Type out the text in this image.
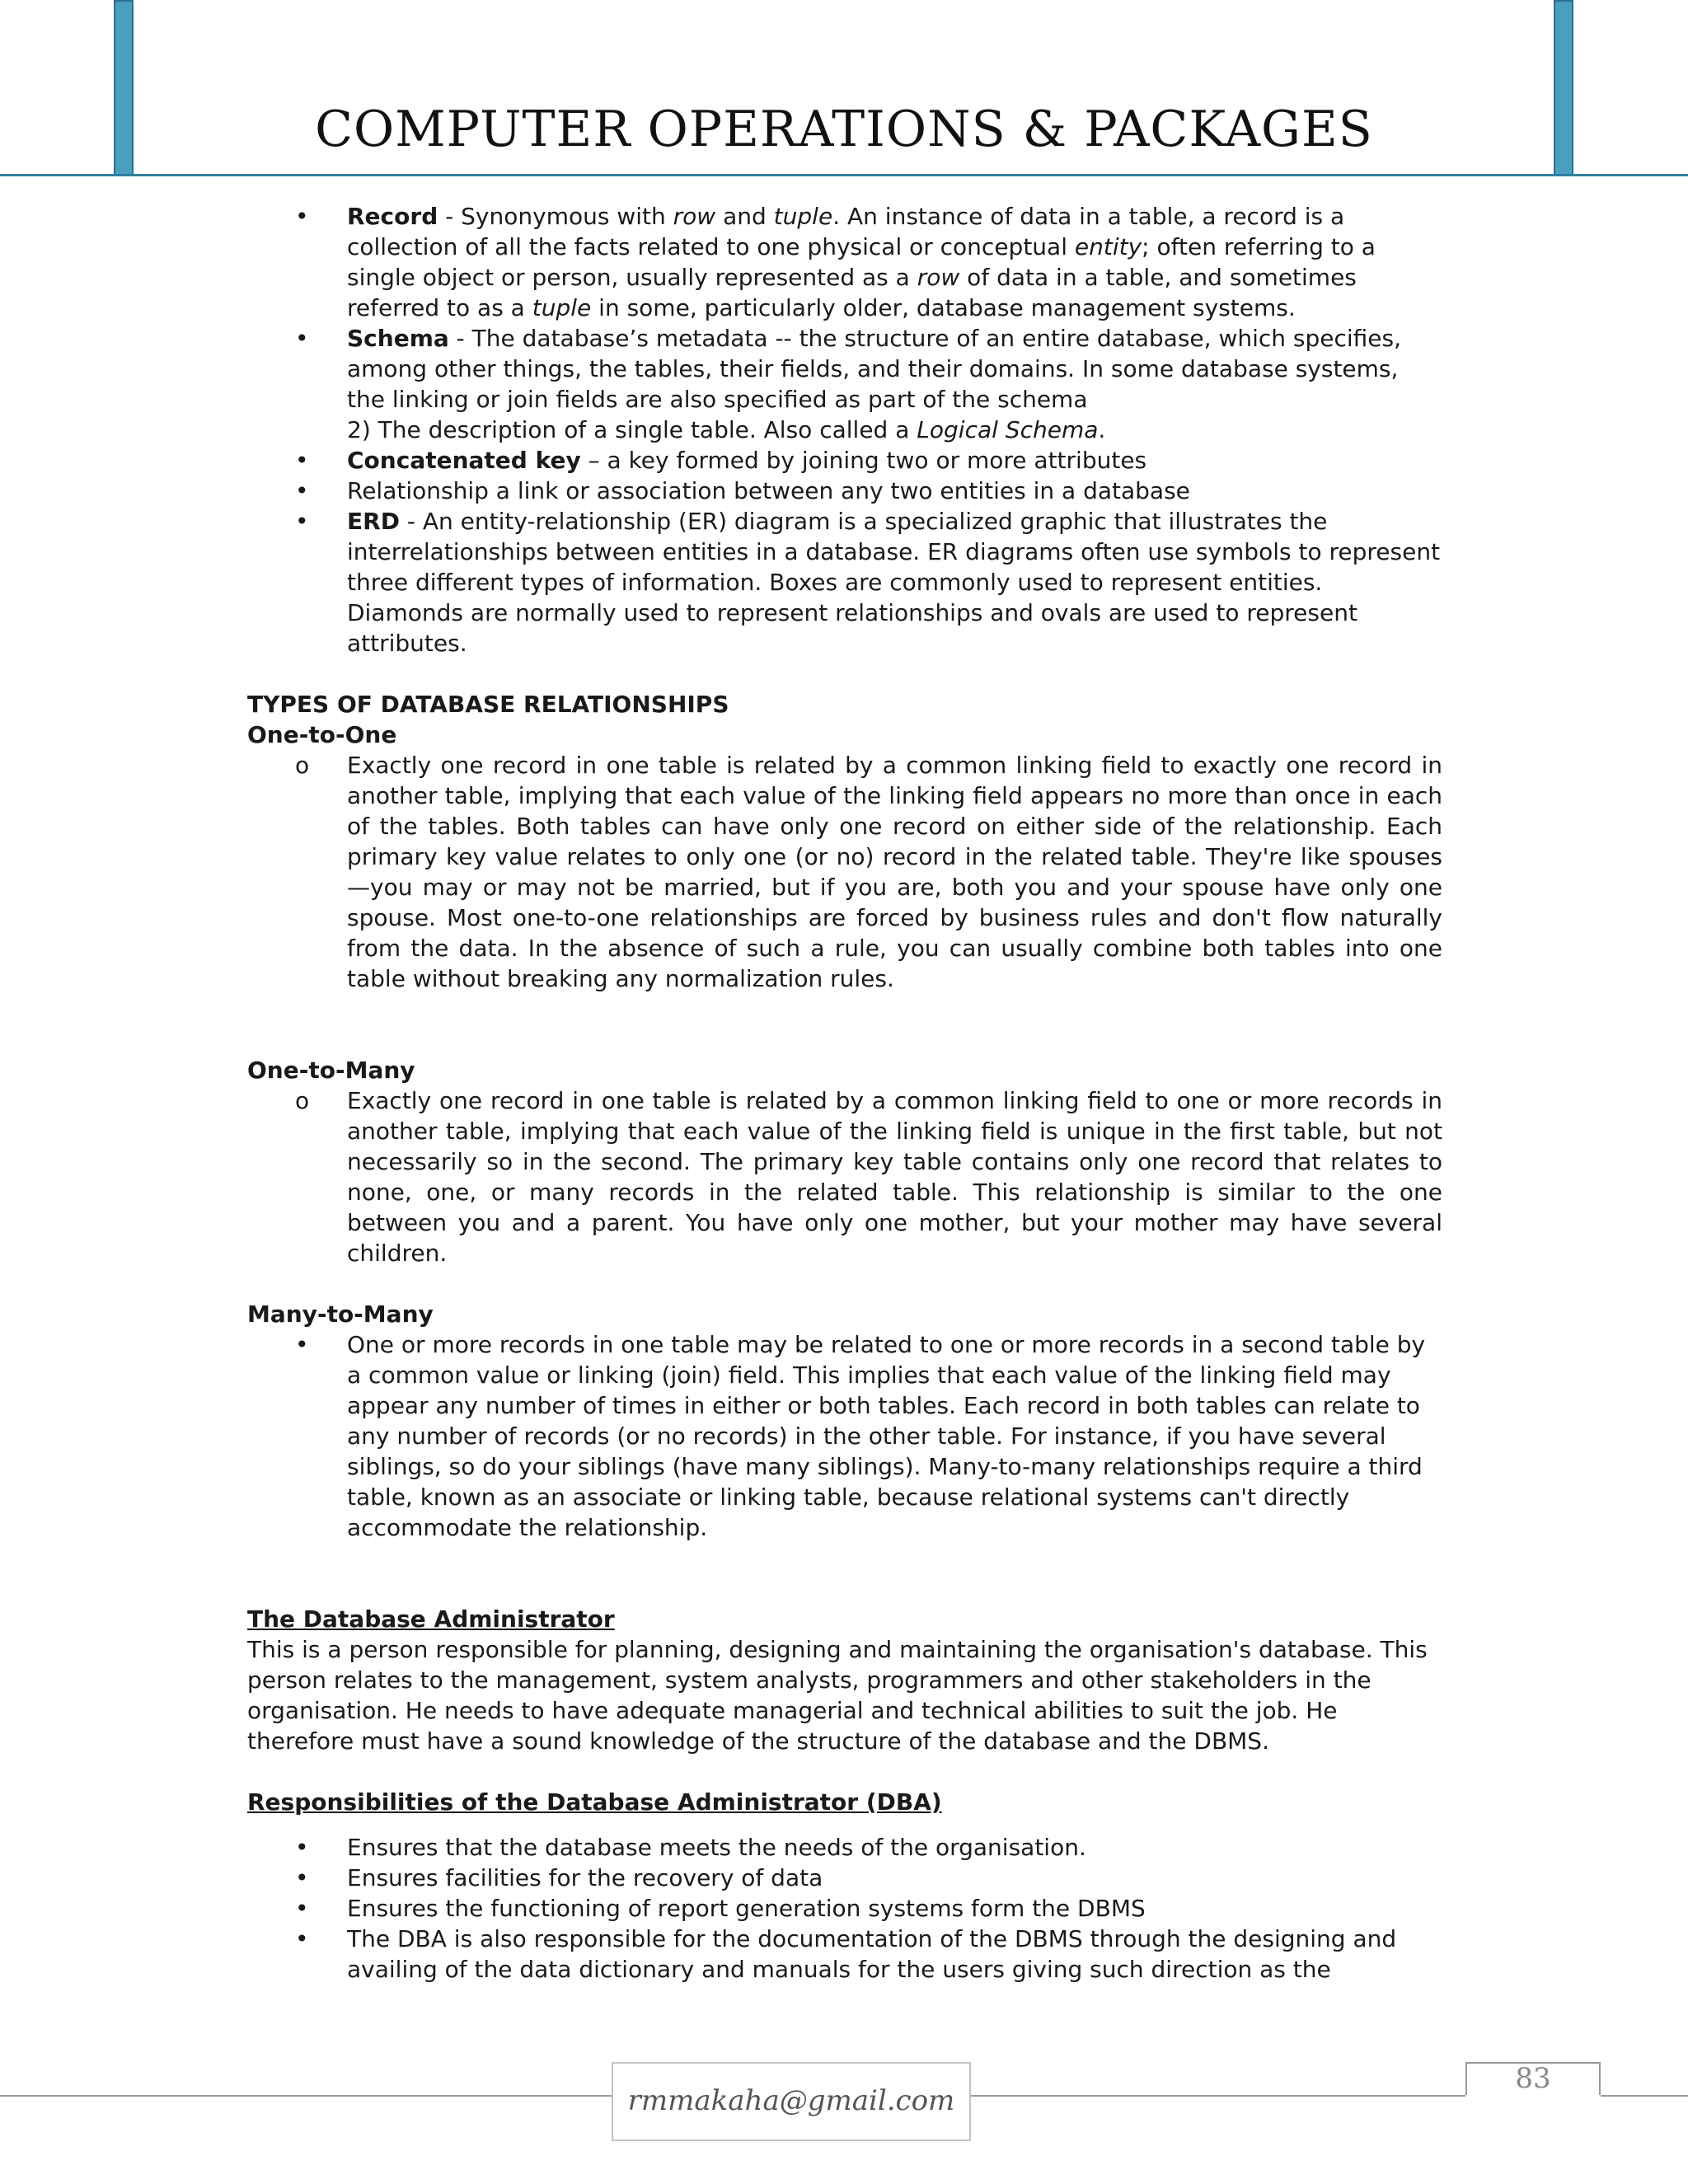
COMPUTER OPERATIONS & PACKAGES
• Record - Synonymous with row and tuple. An instance of data in a table, a record is a collection of all the facts related to one physical or conceptual entity; often referring to a single object or person, usually represented as a row of data in a table, and sometimes referred to as a tuple in some, particularly older, database management systems.
• Schema - The database’s metadata -- the structure of an entire database, which specifies, among other things, the tables, their fields, and their domains. In some database systems, the linking or join fields are also specified as part of the schema
2) The description of a single table. Also called a Logical Schema.
• Concatenated key – a key formed by joining two or more attributes
• Relationship a link or association between any two entities in a database
• ERD - An entity-relationship (ER) diagram is a specialized graphic that illustrates the interrelationships between entities in a database. ER diagrams often use symbols to represent three different types of information. Boxes are commonly used to represent entities. Diamonds are normally used to represent relationships and ovals are used to represent attributes.
TYPES OF DATABASE RELATIONSHIPS
One-to-One
o Exactly one record in one table is related by a common linking field to exactly one record in another table, implying that each value of the linking field appears no more than once in each of the tables. Both tables can have only one record on either side of the relationship. Each primary key value relates to only one (or no) record in the related table. They're like spouses—you may or may not be married, but if you are, both you and your spouse have only one spouse. Most one-to-one relationships are forced by business rules and don't flow naturally from the data. In the absence of such a rule, you can usually combine both tables into one table without breaking any normalization rules.
One-to-Many
o Exactly one record in one table is related by a common linking field to one or more records in another table, implying that each value of the linking field is unique in the first table, but not necessarily so in the second. The primary key table contains only one record that relates to none, one, or many records in the related table. This relationship is similar to the one between you and a parent. You have only one mother, but your mother may have several children.
Many-to-Many
• One or more records in one table may be related to one or more records in a second table by a common value or linking (join) field. This implies that each value of the linking field may appear any number of times in either or both tables. Each record in both tables can relate to any number of records (or no records) in the other table. For instance, if you have several siblings, so do your siblings (have many siblings). Many-to-many relationships require a third table, known as an associate or linking table, because relational systems can't directly accommodate the relationship.
The Database Administrator
This is a person responsible for planning, designing and maintaining the organisation's database. This person relates to the management, system analysts, programmers and other stakeholders in the organisation. He needs to have adequate managerial and technical abilities to suit the job. He therefore must have a sound knowledge of the structure of the database and the DBMS.
Responsibilities of the Database Administrator (DBA)
• Ensures that the database meets the needs of the organisation.
• Ensures facilities for the recovery of data
• Ensures the functioning of report generation systems form the DBMS
• The DBA is also responsible for the documentation of the DBMS through the designing and availing of the data dictionary and manuals for the users giving such direction as the
rmmakaha@gmail.com
83
